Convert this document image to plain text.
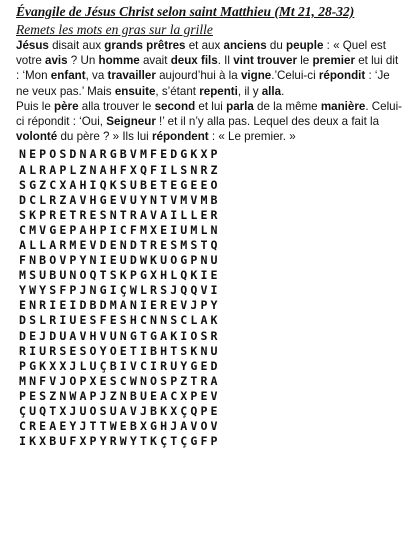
Évangile de Jésus Christ selon saint Matthieu (Mt 21, 28-32)

Remets les mots en gras sur la grille

Jésus disait aux grands prêtres et aux anciens du peuple : « Quel est votre avis ? Un homme avait deux fils. Il vint trouver le premier et lui dit : ‘Mon enfant, va travailler aujourd’hui à la vigne.’Celui-ci répondit : ‘Je ne veux pas.’ Mais ensuite, s’étant repenti, il y alla.

Puis le père alla trouver le second et lui parla de la même manière. Celui-ci répondit : ‘Oui, Seigneur !’ et il n’y alla pas. Lequel des deux a fait la volonté du père ? » Ils lui répondent : « Le premier. »

NEPOSDNARGBVMFEDGKXP
ALRAPLZNAHFXQFILSNRZ
SGZCXAHIQKSUBETEGEEO
DCLRZAVHGEVUYNTVMVMB
SKPRETRESNTRAVAILLER
CMVGEPAHPICFMXEIUMLN
ALLARMEVDENDTRESMSTQ
FNBOVPYNIEUDWKUOGPNU
MSUBUNOQTSKPGXHLQKIE
YWYSFPJNGIÇWLRSJQQVI
ENRIEIDBDMANIEREVJPY
DSLRIUESFESHCNNSCLAK
DEJDUAVHVUNGTGAKIOSR
RIURSESOYOETIBHTSKNU
PGKXXJLUÇBIVCIRUYGED
MNFVJOPXESCWNOSPZTRA
PESZNWAPJZNBUEACXPEV
ÇUQTXJUOSUAVJBKXÇQPE
CREAEYJTTWEBXGHJAVOV
IKXBUFXPYRWYTKÇTÇGFP
